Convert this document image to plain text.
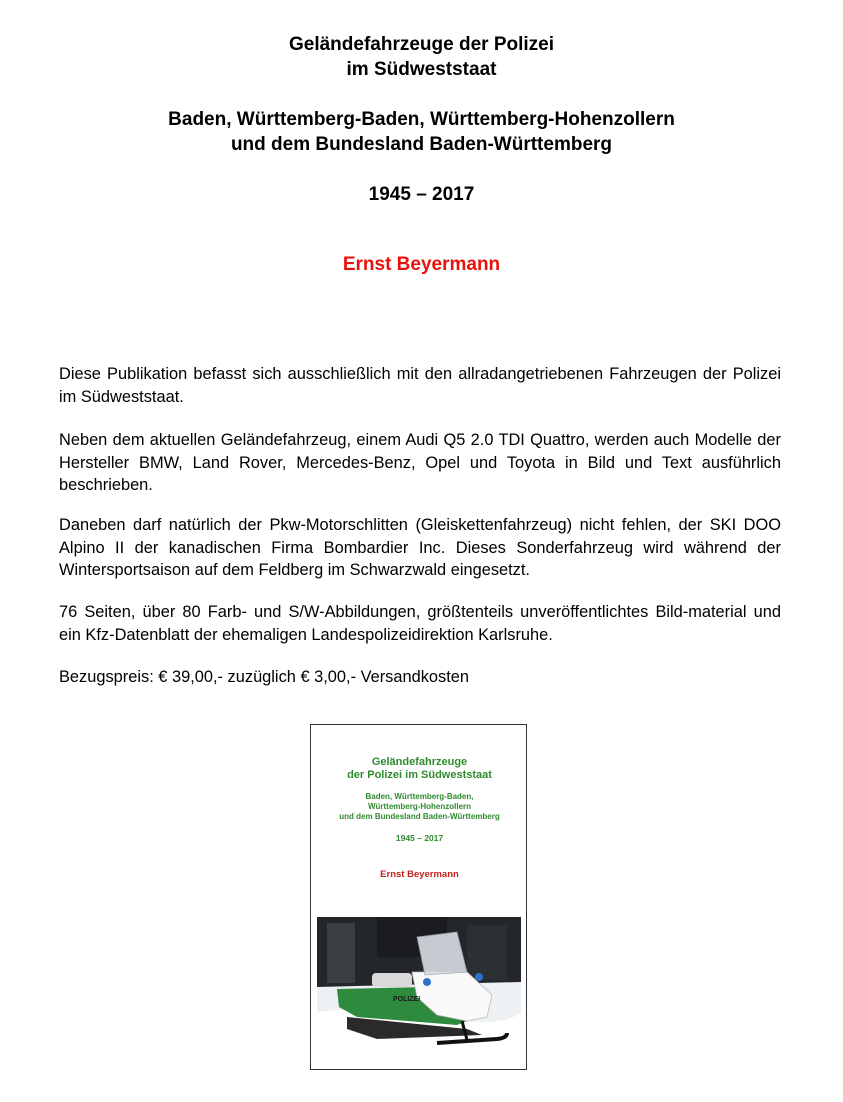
Geländefahrzeuge der Polizei
im Südweststaat
Baden, Württemberg-Baden, Württemberg-Hohenzollern
und dem Bundesland Baden-Württemberg
1945 – 2017
Ernst Beyermann
Diese Publikation befasst sich ausschließlich mit den allradangetriebenen Fahrzeugen der Polizei im Südweststaat.
Neben dem aktuellen Geländefahrzeug, einem Audi Q5 2.0 TDI Quattro, werden auch Modelle der Hersteller BMW, Land Rover, Mercedes-Benz, Opel und Toyota in Bild und Text ausführlich beschrieben.
Daneben darf natürlich der Pkw-Motorschlitten (Gleiskettenfahrzeug) nicht fehlen, der SKI DOO Alpino II der kanadischen Firma Bombardier Inc. Dieses Sonderfahrzeug wird während der Wintersportsaison auf dem Feldberg im Schwarzwald eingesetzt.
76 Seiten, über 80 Farb- und S/W-Abbildungen, größtenteils unveröffentlichtes Bild-material und ein Kfz-Datenblatt der ehemaligen Landespolizeidirektion Karlsruhe.
Bezugspreis: € 39,00,- zuzüglich € 3,00,- Versandkosten
Geländefahrzeuge
der Polizei im Südweststaat
Baden, Württemberg-Baden,
Württemberg-Hohenzollern
und dem Bundesland Baden-Württemberg
1945 – 2017
Ernst Beyermann
POLIZEI
